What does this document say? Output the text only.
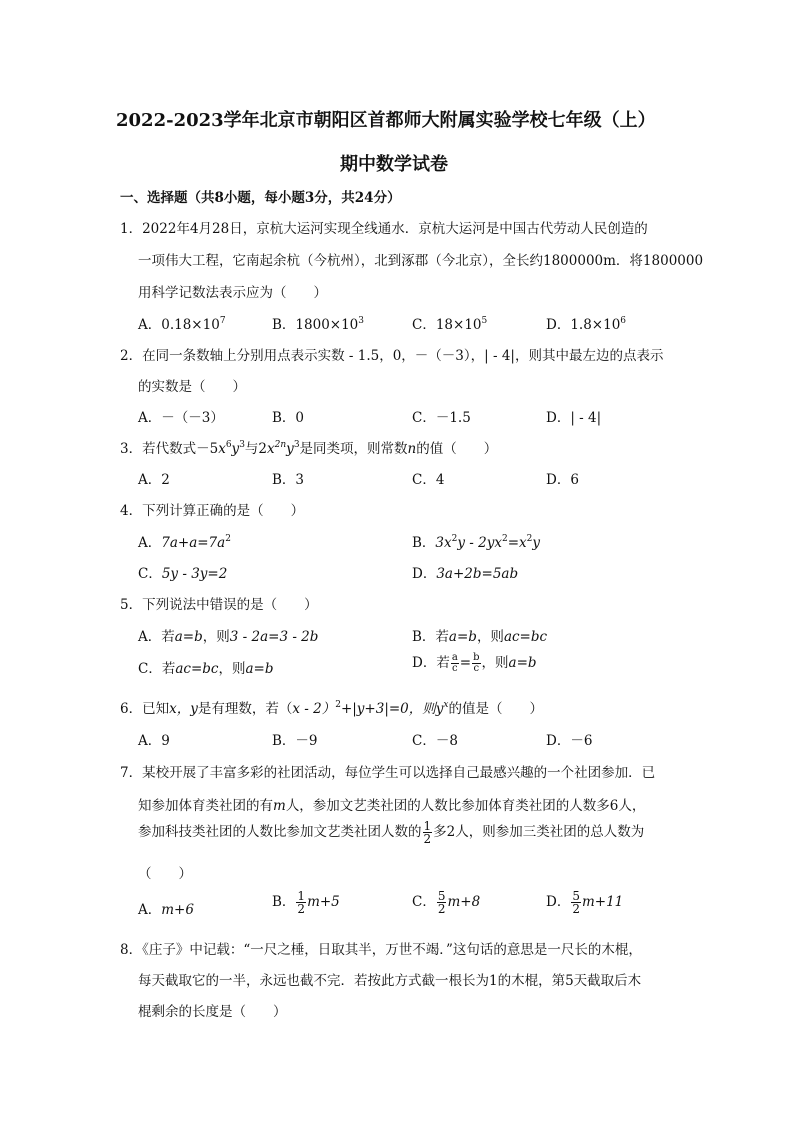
2022-2023学年北京市朝阳区首都师大附属实验学校七年级（上）
期中数学试卷
一、选择题（共8小题，每小题3分，共24分）
1．2022年4月28日，京杭大运河实现全线通水．京杭大运河是中国古代劳动人民创造的
一项伟大工程，它南起余杭（今杭州），北到涿郡（今北京），全长约1800000m．将1800000
用科学记数法表示应为（　　）
A．$0.18\times 10^7$	B．$1800\times 10^3$	C．$18\times 10^5$	D．$1.8\times 10^6$
2．在同一条数轴上分别用点表示实数 - 1.5，0，－（－3），| - 4|，则其中最左边的点表示
的实数是（　　）
A．－（－3）	B．0	C．－1.5	D．| - 4|
3．若代数式$-5x^6y^3$与$2x^{2n}y^3$是同类项，则常数n的值（　　）
A．2	B．3	C．4	D．6
4．下列计算正确的是（　　）
A．$7a+a=7a^2$	B．$3x^2y - 2yx^2=x^2y$
C．5y - 3y=2	D．3a+2b=5ab
5．下列说法中错误的是（　　）
A．若a=b，则3 - 2a=3 - 2b	B．若a=b，则ac=bc
C．若ac=bc，则a=b	D．若 $\frac{a}{c} = \frac{b}{c}$ ，则a=b
6．已知x，y是有理数，若（x - 2）$^2$+|y+3|=0，则$y^x$的值是（　　）
A．9	B．－9	C．－8	D．－6
7．某校开展了丰富多彩的社团活动，每位学生可以选择自己最感兴趣的一个社团参加．已
知参加体育类社团的有m人，参加文艺类社团的人数比参加体育类社团的人数多6人，
参加科技类社团的人数比参加文艺类社团人数的 $\frac{1}{2}$ 多2人，则参加三类社团的总人数为
（　　）
A．m+6	B． $\frac{1}{2} m+5$	C． $\frac{5}{2} m+8$	D． $\frac{5}{2} m+11$
8．《庄子》中记载：“一尺之棰，日取其半，万世不竭．”这句话的意思是一尺长的木棍，
每天截取它的一半，永远也截不完．若按此方式截一根长为1的木棍，第5天截取后木
棍剩余的长度是（　　）
